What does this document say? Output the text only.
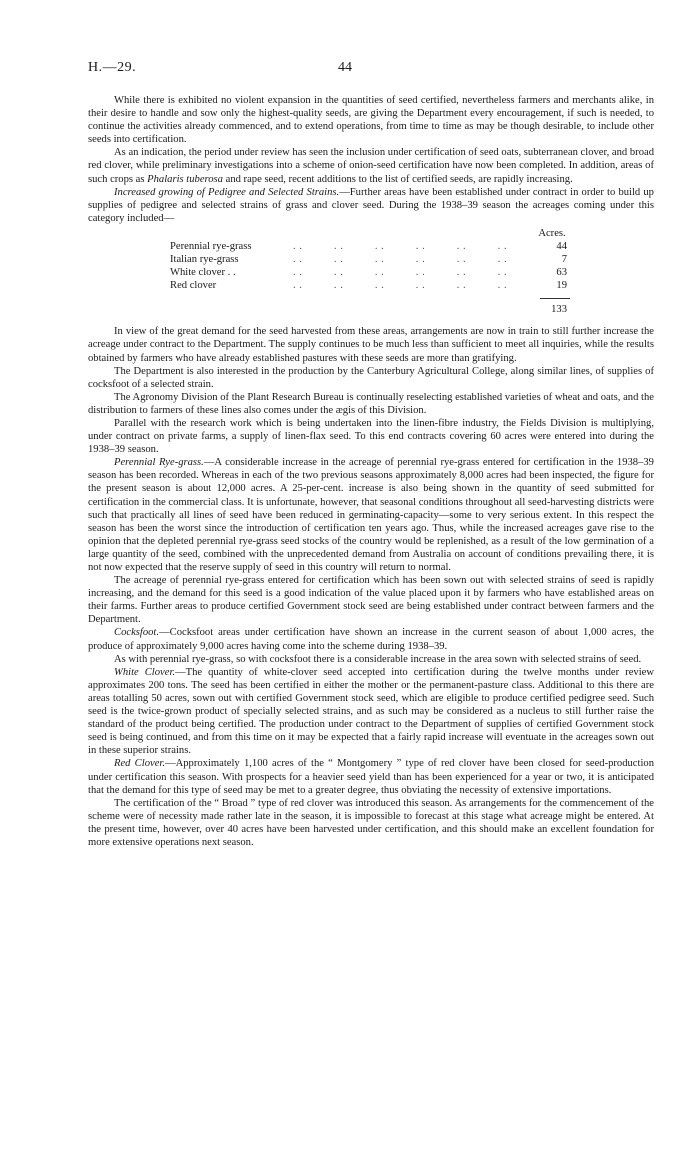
H.—29.	44

While there is exhibited no violent expansion in the quantities of seed certified, nevertheless farmers and merchants alike, in their desire to handle and sow only the highest-quality seeds, are giving the Department every encouragement, if such is needed, to continue the activities already commenced, and to extend operations, from time to time as may be though desirable, to include other seeds into certification.

As an indication, the period under review has seen the inclusion under certification of seed oats, subterranean clover, and broad red clover, while preliminary investigations into a scheme of onion-seed certification have now been completed. In addition, areas of such crops as Phalaris tuberosa and rape seed, recent additions to the list of certified seeds, are rapidly increasing.

Increased growing of Pedigree and Selected Strains.—Further areas have been established under contract in order to build up supplies of pedigree and selected strains of grass and clover seed. During the 1938–39 season the acreages coming under this category included—

Acres.
Perennial rye-grass	. .          . .          . .          . .          . .          . .	44
Italian rye-grass	. .          . .          . .          . .          . .          . .	7
White clover . .	. .          . .          . .          . .          . .          . .	63
Red clover	. .          . .          . .          . .          . .          . .	19
133

In view of the great demand for the seed harvested from these areas, arrangements are now in train to still further increase the acreage under contract to the Department. The supply continues to be much less than sufficient to meet all inquiries, while the results obtained by farmers who have already established pastures with these seeds are more than gratifying.

The Department is also interested in the production by the Canterbury Agricultural College, along similar lines, of supplies of cocksfoot of a selected strain.

The Agronomy Division of the Plant Research Bureau is continually reselecting established varieties of wheat and oats, and the distribution to farmers of these lines also comes under the ægis of this Division.

Parallel with the research work which is being undertaken into the linen-fibre industry, the Fields Division is multiplying, under contract on private farms, a supply of linen-flax seed. To this end contracts covering 60 acres were entered into during the 1938–39 season.

Perennial Rye-grass.—A considerable increase in the acreage of perennial rye-grass entered for certification in the 1938–39 season has been recorded. Whereas in each of the two previous seasons approximately 8,000 acres had been inspected, the figure for the present season is about 12,000 acres. A 25-per-cent. increase is also being shown in the quantity of seed submitted for certification in the commercial class. It is unfortunate, however, that seasonal conditions throughout all seed-harvesting districts were such that practically all lines of seed have been reduced in germinating-capacity—some to very serious extent. In this respect the season has been the worst since the introduction of certification ten years ago. Thus, while the increased acreages gave rise to the opinion that the depleted perennial rye-grass seed stocks of the country would be replenished, as a result of the low germination of a large quantity of the seed, combined with the unprecedented demand from Australia on account of conditions prevailing there, it is not now expected that the reserve supply of seed in this country will return to normal.

The acreage of perennial rye-grass entered for certification which has been sown out with selected strains of seed is rapidly increasing, and the demand for this seed is a good indication of the value placed upon it by farmers who have established areas on their farms. Further areas to produce certified Government stock seed are being established under contract between farmers and the Department.

Cocksfoot.—Cocksfoot areas under certification have shown an increase in the current season of about 1,000 acres, the produce of approximately 9,000 acres having come into the scheme during 1938–39.

As with perennial rye-grass, so with cocksfoot there is a considerable increase in the area sown with selected strains of seed.

White Clover.—The quantity of white-clover seed accepted into certification during the twelve months under review approximates 200 tons. The seed has been certified in either the mother or the permanent-pasture class. Additional to this there are areas totalling 50 acres, sown out with certified Government stock seed, which are eligible to produce certified pedigree seed. Such seed is the twice-grown product of specially selected strains, and as such may be considered as a nucleus to still further raise the standard of the product being certified. The production under contract to the Department of supplies of certified Government stock seed is being continued, and from this time on it may be expected that a fairly rapid increase will eventuate in the acreages sown out in these superior strains.

Red Clover.—Approximately 1,100 acres of the “ Montgomery ” type of red clover have been closed for seed-production under certification this season. With prospects for a heavier seed yield than has been experienced for a year or two, it is anticipated that the demand for this type of seed may be met to a greater degree, thus obviating the necessity of extensive importations.

The certification of the “ Broad ” type of red clover was introduced this season. As arrangements for the commencement of the scheme were of necessity made rather late in the season, it is impossible to forecast at this stage what acreage might be entered. At the present time, however, over 40 acres have been harvested under certification, and this should make an excellent foundation for more extensive operations next season.
